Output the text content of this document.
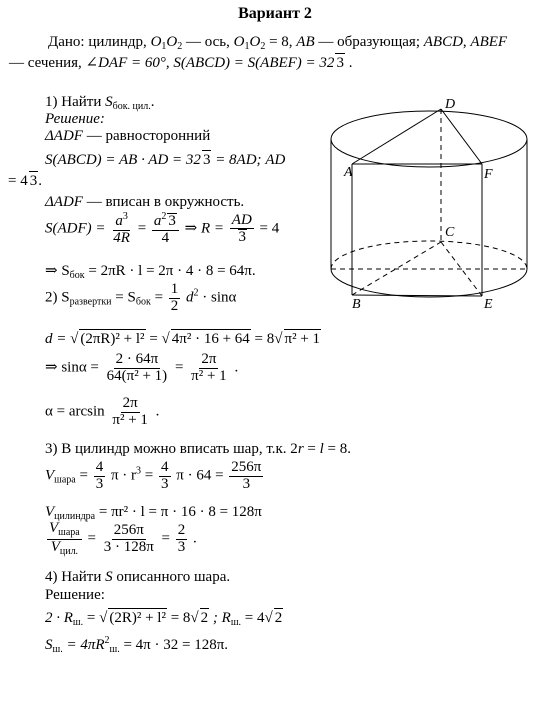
Вариант 2
Дано: цилиндр, $O_1O_2$ — ось, $O_1O_2 = 8$, AB — образующая; ABCD, ABEF
— сечения, ∠DAF = 60°, S(ABCD) = S(ABEF) = 32 3 .
D
A	F
C
B	E
1) Найти $S_{бок. цил.}$.
Решение:
ΔADF — равносторонний
S(ABCD) = AB · AD = 32 3 = 8AD; AD
= 4 3.
ΔADF — вписан в окружность.
$S(ADF) = \frac{a^3}{4R} = \frac{a^2 3}{4}$ ⇒ $R = \frac{AD}{3} = 4$
⇒ $S_{бок} = 2\pi R \cdot l = 2\pi \cdot 4 \cdot 8 = 64\pi$.
2) $S_{развертки} = S_{бок} = \frac{1}{2} d^2 \cdot \sin\alpha$
d = √ (2πR)² + l² = √ 4π² · 16 + 64 = 8√ π² + 1
⇒ $\sin\alpha = \frac{2 \cdot 64\pi}{\text{64(π² + 1)}} = \frac{2\pi}{\text{π² + 1}}$ .
$\alpha = \arcsin \frac{2\pi}{\text{π² + 1}}$ .
3) В цилиндр можно вписать шар, т.к. 2r = l = 8.
$V_{шара} = \frac{4}{3}$ $\pi \cdot r^3 = \frac{4}{3}$ $\pi \cdot 64 = \frac{256\pi}{3}$
$V_{цилиндра} = \pi r^2 \cdot l = \pi \cdot 16 \cdot 8 = 128\pi$
$\frac{V_{шара}}{V_{цил.}} = \frac{256\pi}{3 \cdot 128\pi} = \frac{2}{3}$ .
4) Найти S описанного шара.
Решение:
$2 \cdot R_{ш.}$ = √ (2R)² + l² = 8√ 2 ; $R_{ш.} = 4√$ 2
$S_{ш.} = 4\pi R^2_{ш.} = 4\pi \cdot 32 = 128\pi$.
